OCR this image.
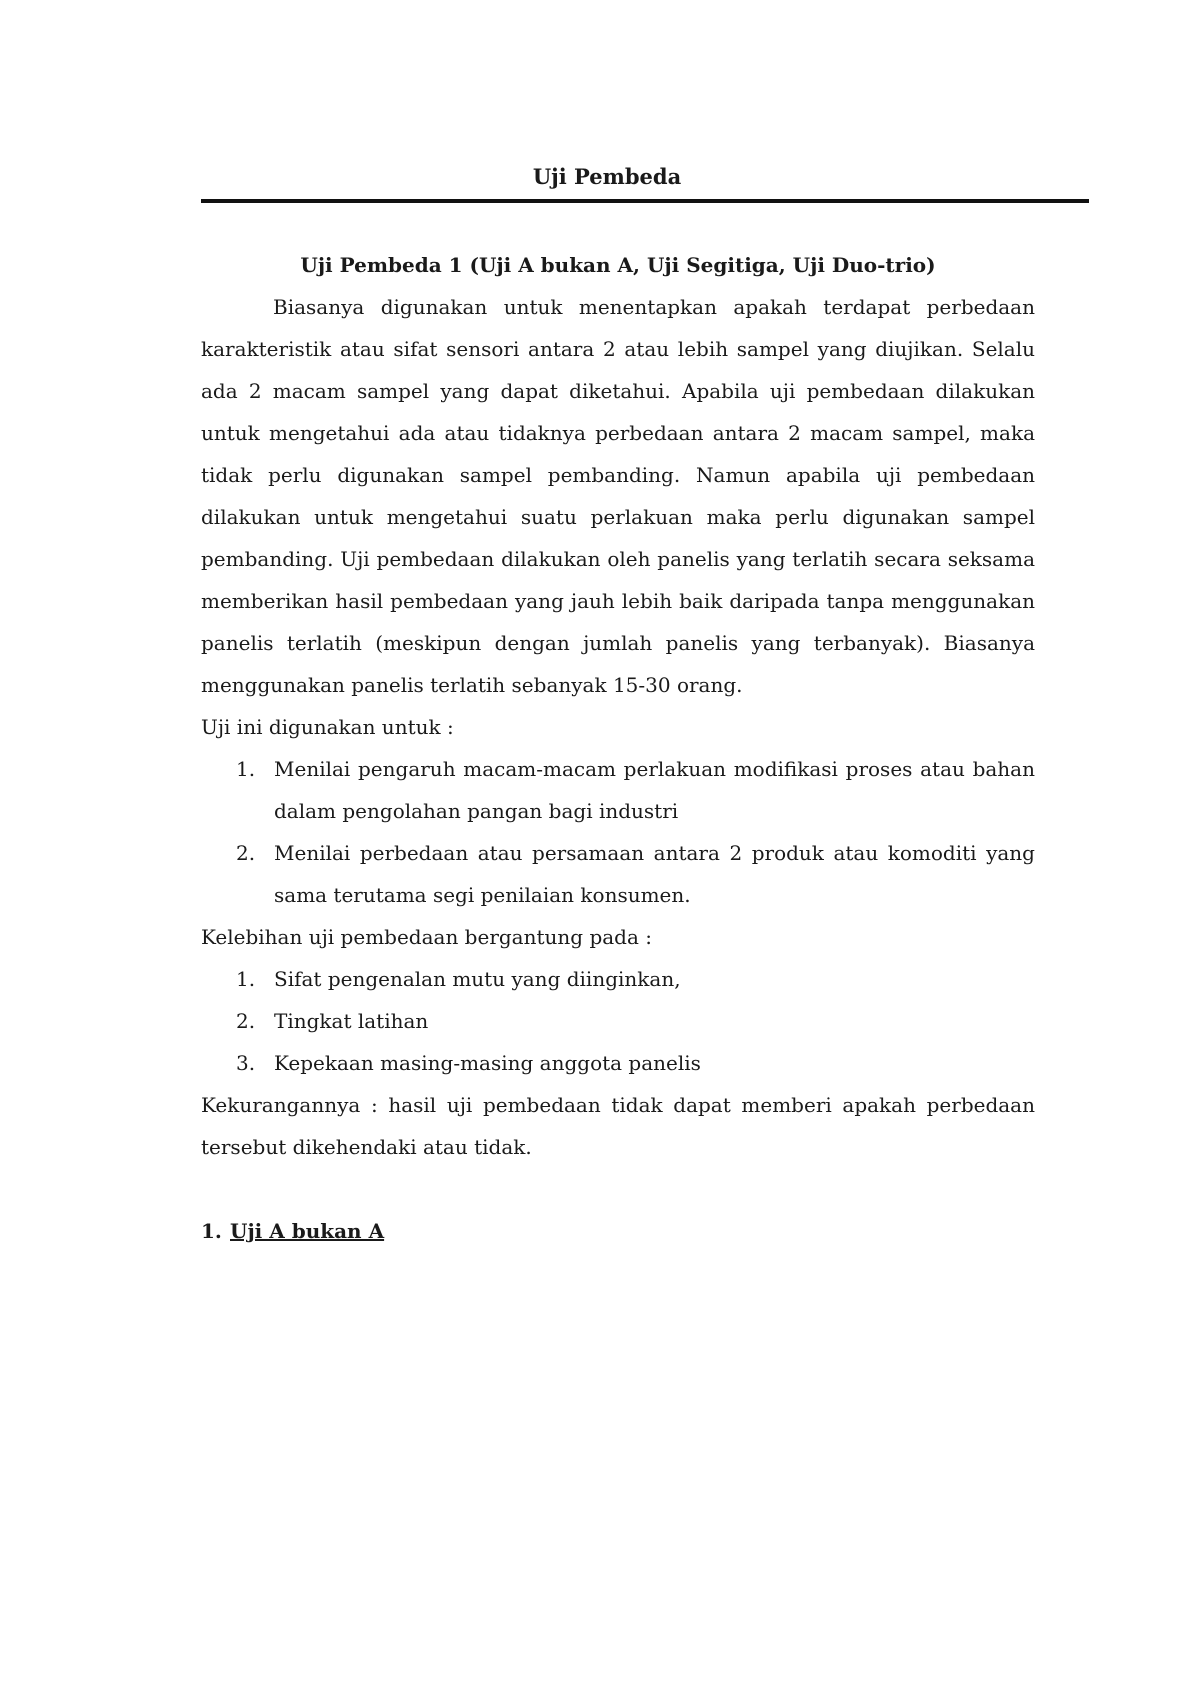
Uji Pembeda

Uji Pembeda 1 (Uji A bukan A, Uji Segitiga, Uji Duo-trio)

Biasanya digunakan untuk menentapkan apakah terdapat perbedaan karakteristik atau sifat sensori antara 2 atau lebih sampel yang diujikan. Selalu ada 2 macam sampel yang dapat diketahui. Apabila uji pembedaan dilakukan untuk mengetahui ada atau tidaknya perbedaan antara 2 macam sampel, maka tidak perlu digunakan sampel pembanding. Namun apabila uji pembedaan dilakukan untuk mengetahui suatu perlakuan maka perlu digunakan sampel pembanding. Uji pembedaan dilakukan oleh panelis yang terlatih secara seksama memberikan hasil pembedaan yang jauh lebih baik daripada tanpa menggunakan panelis terlatih (meskipun dengan jumlah panelis yang terbanyak). Biasanya menggunakan panelis terlatih sebanyak 15-30 orang.

Uji ini digunakan untuk :

1. Menilai pengaruh macam-macam perlakuan modifikasi proses atau bahan dalam pengolahan pangan bagi industri
2. Menilai perbedaan atau persamaan antara 2 produk atau komoditi yang sama terutama segi penilaian konsumen.

Kelebihan uji pembedaan bergantung pada :

1. Sifat pengenalan mutu yang diinginkan,
2. Tingkat latihan
3. Kepekaan masing-masing anggota panelis

Kekurangannya : hasil uji pembedaan tidak dapat memberi apakah perbedaan tersebut dikehendaki atau tidak.

1. Uji A bukan A
